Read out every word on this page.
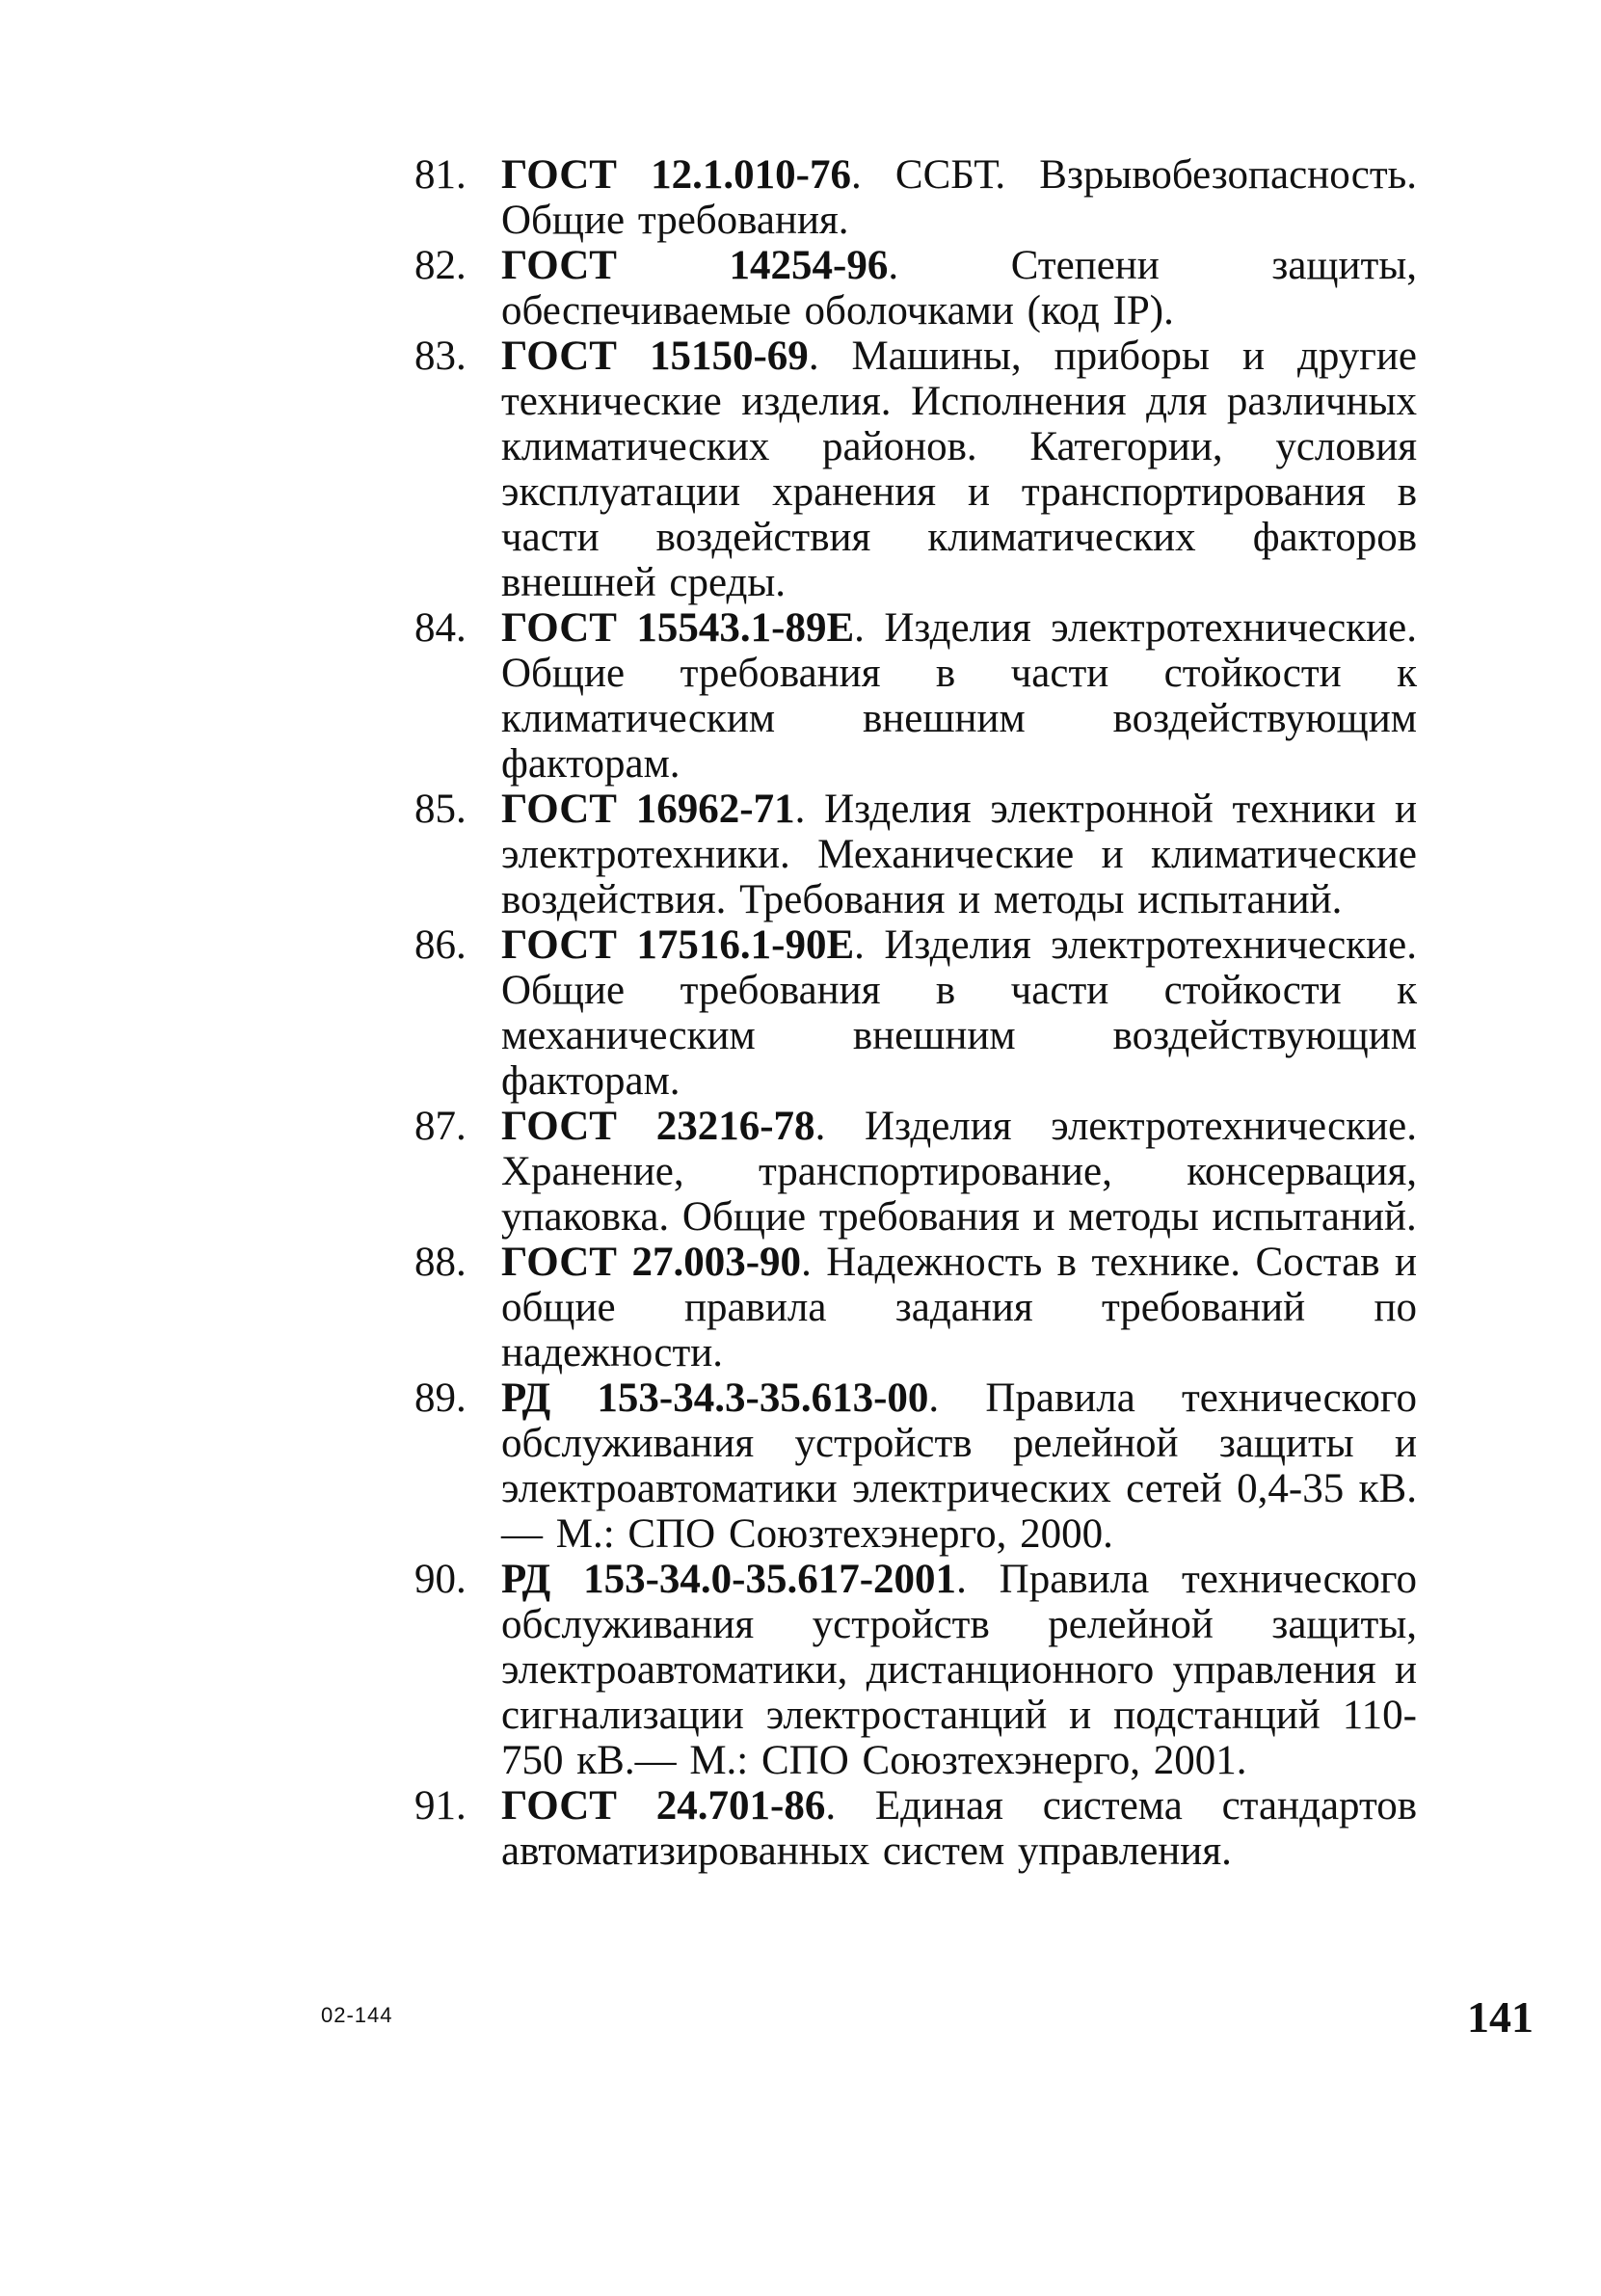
81. ГОСТ 12.1.010-76. ССБТ. Взрывобезопасность. Общие требования.
82. ГОСТ 14254-96. Степени защиты, обеспечиваемые оболочками (код IP).
83. ГОСТ 15150-69. Машины, приборы и другие технические изделия. Исполнения для различных климатических районов. Категории, условия эксплуатации хранения и транспортирования в части воздействия климатических факторов внешней среды.
84. ГОСТ 15543.1-89Е. Изделия электротехнические. Общие требования в части стойкости к климатическим внешним воздействующим факторам.
85. ГОСТ 16962-71. Изделия электронной техники и электротехники. Механические и климатические воздействия. Требования и методы испытаний.
86. ГОСТ 17516.1-90Е. Изделия электротехнические. Общие требования в части стойкости к механическим внешним воздействующим факторам.
87. ГОСТ 23216-78. Изделия электротехнические. Хранение, транспортирование, консервация, упаковка. Общие требования и методы испытаний.
88. ГОСТ 27.003-90. Надежность в технике. Состав и общие правила задания требований по надежности.
89. РД 153-34.3-35.613-00. Правила технического обслуживания устройств релейной защиты и электроавтоматики электрических сетей 0,4-35 кВ.— М.: СПО Союзтехэнерго, 2000.
90. РД 153-34.0-35.617-2001. Правила технического обслуживания устройств релейной защиты, электроавтоматики, дистанционного управления и сигнализации электростанций и подстанций 110-750 кВ.— М.: СПО Союзтехэнерго, 2001.
91. ГОСТ 24.701-86. Единая система стандартов автоматизированных систем управления.
02-144	141
